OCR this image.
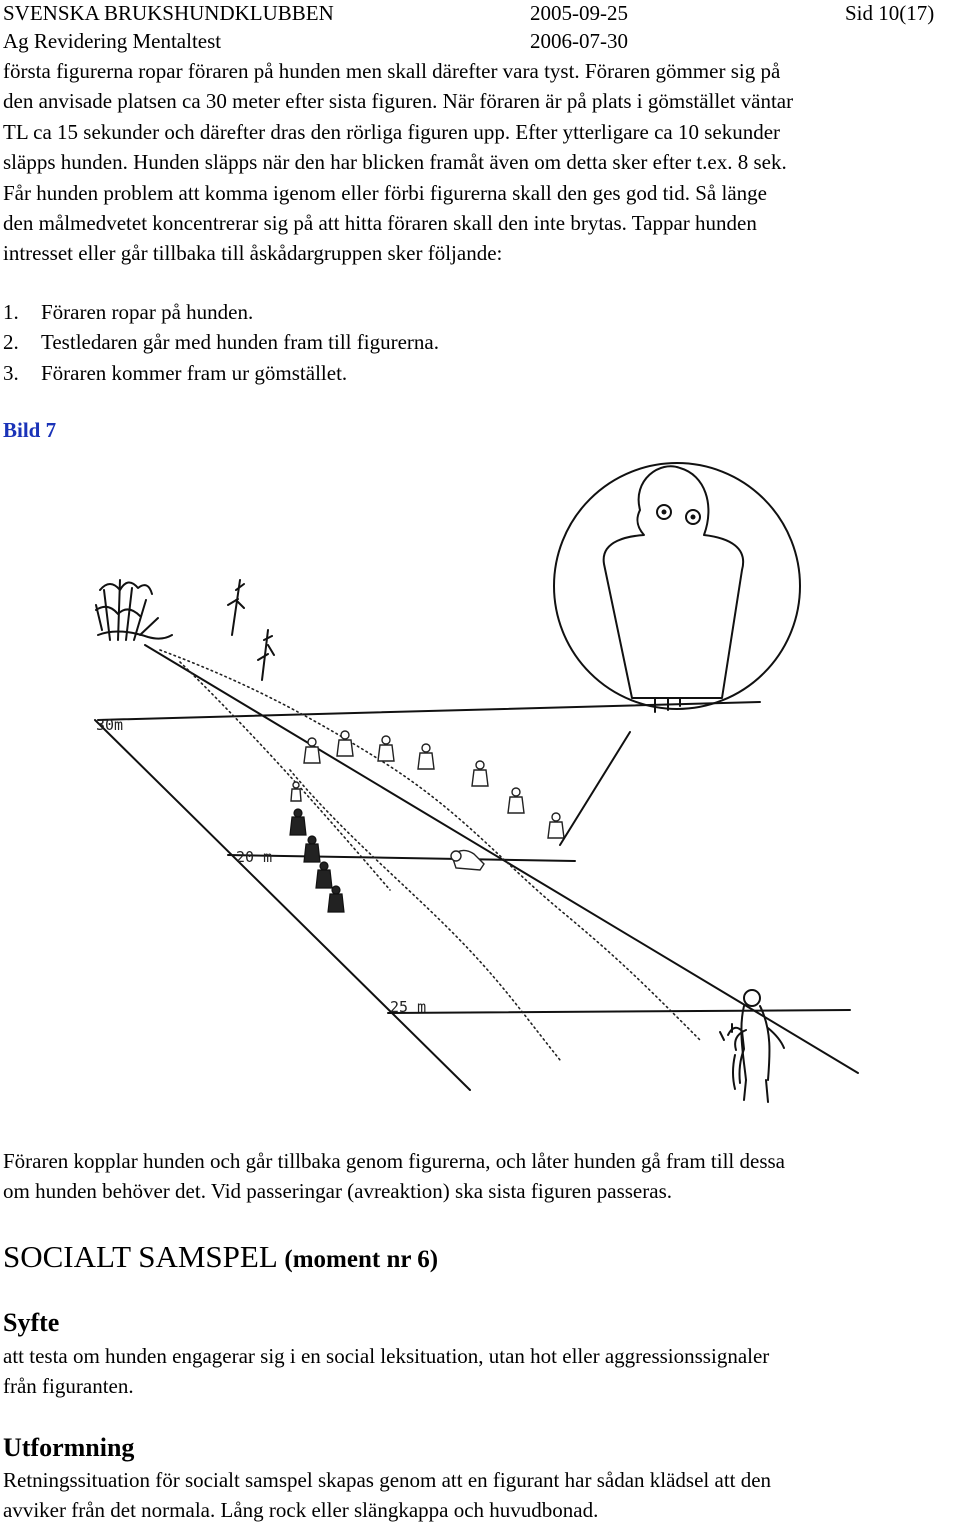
SVENSKA BRUKSHUNDKLUBBEN	2005-09-25	Sid 10(17)
Ag Revidering Mentaltest	2006-07-30
första figurerna ropar föraren på hunden men skall därefter vara tyst. Föraren gömmer sig på
den anvisade platsen ca 30 meter efter sista figuren. När föraren är på plats i gömstället väntar
TL ca 15 sekunder och därefter dras den rörliga figuren upp. Efter ytterligare ca 10 sekunder
släpps hunden. Hunden släpps när den har blicken framåt även om detta sker efter t.ex. 8 sek.
Får hunden problem att komma igenom eller förbi figurerna skall den ges god tid. Så länge
den målmedvetet koncentrerar sig på att hitta föraren skall den inte brytas. Tappar hunden
intresset eller går tillbaka till åskådargruppen sker följande:
1. Föraren ropar på hunden.
2. Testledaren går med hunden fram till figurerna.
3. Föraren kommer fram ur gömstället.
Bild 7
30m
20 m
25 m
Föraren kopplar hunden och går tillbaka genom figurerna, och låter hunden gå fram till dessa
om hunden behöver det. Vid passeringar (avreaktion) ska sista figuren passeras.
SOCIALT SAMSPEL (moment nr 6)
Syfte
att testa om hunden engagerar sig i en social leksituation, utan hot eller aggressionssignaler
från figuranten.
Utformning
Retningssituation för socialt samspel skapas genom att en figurant har sådan klädsel att den
avviker från det normala. Lång rock eller slängkappa och huvudbonad.
